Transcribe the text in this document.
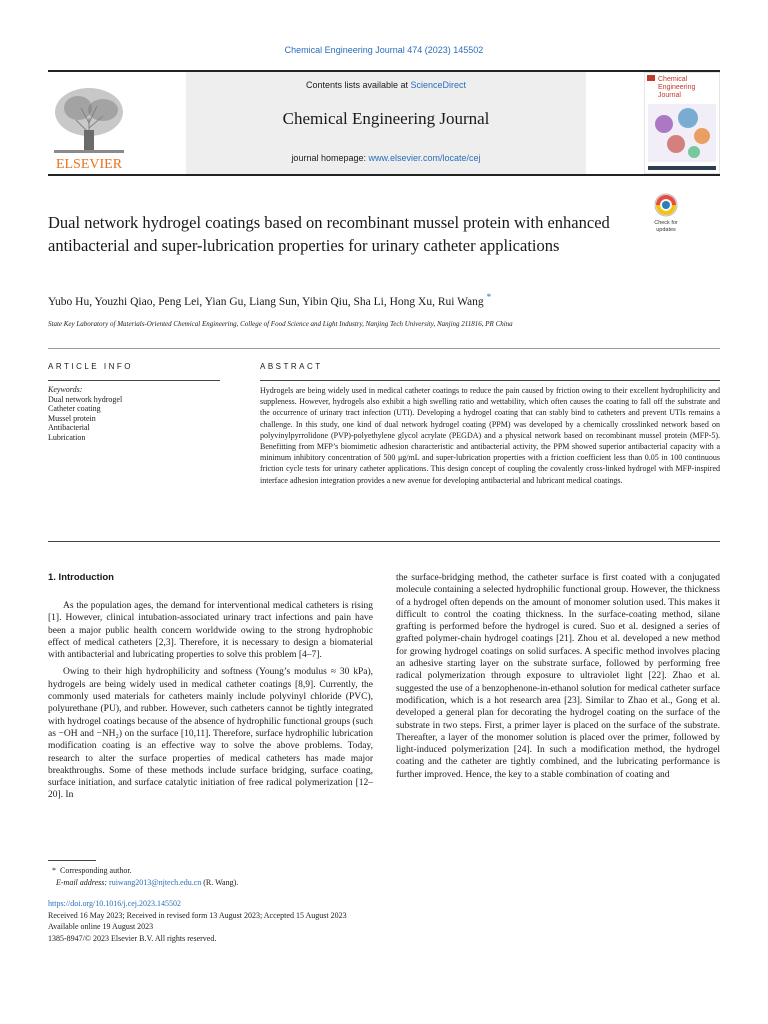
Chemical Engineering Journal 474 (2023) 145502
ELSEVIER
Contents lists available at ScienceDirect
Chemical Engineering Journal
journal homepage: www.elsevier.com/locate/cej
Chemical
Engineering
Journal
Dual network hydrogel coatings based on recombinant mussel protein with enhanced antibacterial and super-lubrication properties for urinary catheter applications
Check for
updates
Yubo Hu, Youzhi Qiao, Peng Lei, Yian Gu, Liang Sun, Yibin Qiu, Sha Li, Hong Xu, Rui Wang *
State Key Laboratory of Materials-Oriented Chemical Engineering, College of Food Science and Light Industry, Nanjing Tech University, Nanjing 211816, PR China
ARTICLE INFO	ABSTRACT
Keywords:
Dual network hydrogel
Catheter coating
Mussel protein
Antibacterial
Lubrication
Hydrogels are being widely used in medical catheter coatings to reduce the pain caused by friction owing to their excellent hydrophilicity and suppleness. However, hydrogels also exhibit a high swelling ratio and wettability, which often causes the coating to fall off the substrate and the occurrence of urinary tract infection (UTI). Developing a hydrogel coating that can stably bind to catheters and prevent UTIs remains a challenge. In this study, one kind of dual network hydrogel coating (PPM) was developed by a chemically crosslinked network based on polyvinylpyrrolidone (PVP)-polyethylene glycol acrylate (PEGDA) and a physical network based on recombinant mussel protein (MFP-5). Benefitting from MFP’s biomimetic adhesion characteristic and antibacterial activity, the PPM showed superior antibacterial capacity with a minimum inhibitory concentration of 500 μg/mL and super-lubrication properties with a friction coefficient less than 0.05 in 100 continuous friction cycle tests for urinary catheter applications. This design concept of coupling the covalently cross-linked hydrogel with MFP-inspired interface adhesion integration provides a new avenue for developing antibacterial and lubricant medical coatings.
1. Introduction

As the population ages, the demand for interventional medical catheters is rising [1]. However, clinical intubation-associated urinary tract infections and pain have been a major public health concern worldwide owing to the strong hydrophobic effect of medical catheters [2,3]. Therefore, it is necessary to design a biomaterial with antibacterial and lubricating properties to solve this problem [4–7].

Owing to their high hydrophilicity and softness (Young’s modulus ≈ 30 kPa), hydrogels are being widely used in medical catheter coatings [8,9]. Currently, the commonly used materials for catheters mainly include polyvinyl chloride (PVC), polyurethane (PU), and rubber. However, such catheters cannot be tightly integrated with hydrogel coatings because of the absence of hydrophilic functional groups (such as −OH and −NH₂) on the surface [10,11]. Therefore, surface hydrophilic lubrication modification coating is an effective way to solve the above problems. Today, research to alter the surface properties of medical catheters has made major breakthroughs. Some of these methods include surface bridging, surface coating, surface initiation, and surface catalytic initiation of free radical polymerization [12–20]. In

the surface-bridging method, the catheter surface is first coated with a conjugated molecule containing a selected hydrophilic functional group. However, the thickness of a hydrogel often depends on the amount of monomer solution used. This makes it difficult to control the coating thickness. In the surface-coating method, silane grafting is performed before the hydrogel is cured. Suo et al. designed a series of grafted polymer-chain hydrogel coatings [21]. Zhou et al. developed a new method for growing hydrogel coatings on solid surfaces. A specific method involves placing an adhesive starting layer on the substrate surface, followed by performing free radical polymerization through exposure to ultraviolet light [22]. Zhao et al. suggested the use of a benzophenone-in-ethanol solution for medical catheter surface modification, which is a hot research area [23]. Similar to Zhao et al., Gong et al. developed a general plan for decorating the hydrogel coating on the surface of the substrate in two steps. First, a primer layer is placed on the surface of the substrate. Thereafter, a layer of the monomer solution is placed over the primer, followed by light-induced polymerization [24]. In such a modification method, the hydrogel coating and the catheter are tightly combined, and the lubricating performance is further improved. Hence, the key to a stable combination of coating and

*  Corresponding author.
E-mail address: ruiwang2013@njtech.edu.cn (R. Wang).
https://doi.org/10.1016/j.cej.2023.145502
Received 16 May 2023; Received in revised form 13 August 2023; Accepted 15 August 2023
Available online 19 August 2023
1385-8947/© 2023 Elsevier B.V. All rights reserved.
